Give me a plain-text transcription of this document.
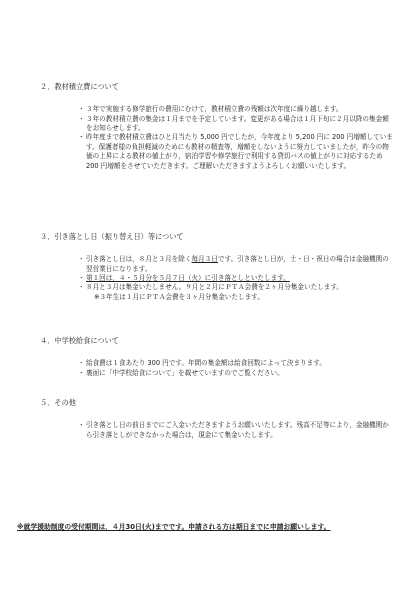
２．教材積立費について
・ ３年で実施する修学旅行の費用にむけて，教材積立費の残額は次年度に繰り越します。
・ ３年の教材積立費の集金は１月までを予定しています。変更がある場合は１月下旬に２月以降の集金額をお知らせします。
・ 昨年度まで教材積立費はひと月当たり 5,000 円でしたが，今年度より 5,200 円に 200 円増額しています。保護者様の負担軽減のためにも教材の精査等，増額をしないように努力していましたが，昨今の物価の上昇による教材の値上がり，宿泊学習や修学旅行で利用する貸切バスの値上がりに対応するため 200 円増額をさせていただきます。ご理解いただきますようよろしくお願いいたします。
３．引き落とし日（振り替え日）等について
・ 引き落とし日は，８月と３月を除く毎月３日です。引き落とし日が，土・日・祝日の場合は金融機関の翌営業日になります。
・ 第１回は，４・５月分を５月７日（火）に引き落としといたします。
・ ８月と３月は集金いたしません。９月と２月にＰＴＡ会費を２ヶ月分集金いたします。
※３年生は１月にＰＴＡ会費を３ヶ月分集金いたします。
４．中学校給食について
・ 給食費は１食あたり 300 円です。年間の集金額は給食回数によって決まります。
・ 裏面に「中学校給食について」を載せていますのでご覧ください。
５．その他
・ 引き落とし日の前日までにご入金いただきますようお願いいたします。残高不足等により，金融機関から引き落としができなかった場合は，現金にて集金いたします。
※就学援助制度の受付期間は，４月30日(火)までです。申請される方は期日までに申請お願いします。
